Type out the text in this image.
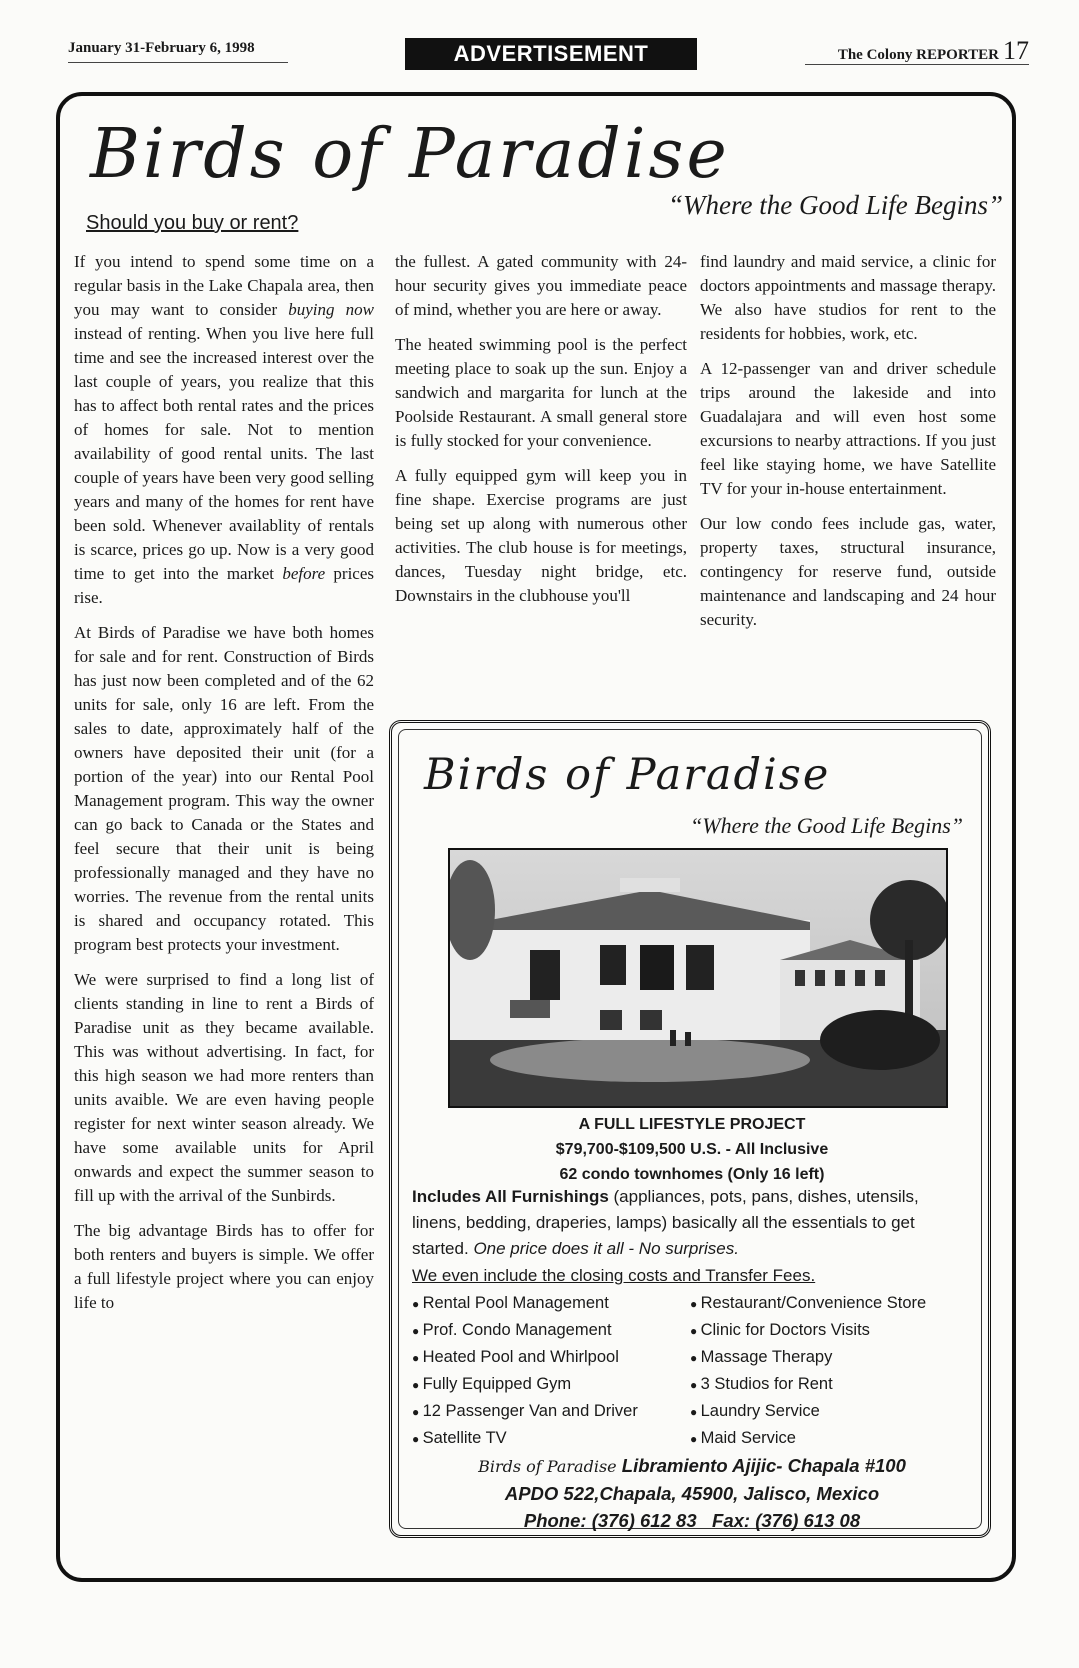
January 31-February 6, 1998	ADVERTISEMENT	The Colony REPORTER 17
Birds of Paradise
“Where the Good Life Begins”
Should you buy or rent?

If you intend to spend some time on a regular basis in the Lake Chapala area, then you may want to consider buying now instead of renting. When you live here full time and see the increased interest over the last couple of years, you realize that this has to affect both rental rates and the prices of homes for sale. Not to mention availability of good rental units. The last couple of years have been very good selling years and many of the homes for rent have been sold. Whenever availablity of rentals is scarce, prices go up. Now is a very good time to get into the market before prices rise.

At Birds of Paradise we have both homes for sale and for rent. Construction of Birds has just now been completed and of the 62 units for sale, only 16 are left. From the sales to date, approximately half of the owners have deposited their unit (for a portion of the year) into our Rental Pool Management program. This way the owner can go back to Canada or the States and feel secure that their unit is being professionally managed and they have no worries. The revenue from the rental units is shared and occupancy rotated. This program best protects your investment.

We were surprised to find a long list of clients standing in line to rent a Birds of Paradise unit as they became available. This was without advertising. In fact, for this high season we had more renters than units avaible. We are even having people register for next winter season already. We have some available units for April onwards and expect the summer season to fill up with the arrival of the Sunbirds.

The big advantage Birds has to offer for both renters and buyers is simple. We offer a full lifestyle project where you can enjoy life to

the fullest. A gated community with 24-hour security gives you immediate peace of mind, whether you are here or away.

The heated swimming pool is the perfect meeting place to soak up the sun. Enjoy a sandwich and margarita for lunch at the Poolside Restaurant. A small general store is fully stocked for your convenience.

A fully equipped gym will keep you in fine shape. Exercise programs are just being set up along with numerous other activities. The club house is for meetings, dances, Tuesday night bridge, etc. Downstairs in the clubhouse you'll

find laundry and maid service, a clinic for doctors appointments and massage therapy. We also have studios for rent to the residents for hobbies, work, etc.

A 12-passenger van and driver schedule trips around the lakeside and into Guadalajara and will even host some excursions to nearby attractions. If you just feel like staying home, we have Satellite TV for your in-house entertainment.

Our low condo fees include gas, water, property taxes, structural insurance, contingency for reserve fund, outside maintenance and landscaping and 24 hour security.

Birds of Paradise
“Where the Good Life Begins”
A FULL LIFESTYLE PROJECT
$79,700-$109,500 U.S. - All Inclusive
62 condo townhomes (Only 16 left)
Includes All Furnishings (appliances, pots, pans, dishes, utensils, linens, bedding, draperies, lamps) basically all the essentials to get started. One price does it all - No surprises.
We even include the closing costs and Transfer Fees.
● Rental Pool Management
● Prof. Condo Management
● Heated Pool and Whirlpool
● Fully Equipped Gym
● 12 Passenger Van and Driver
● Satellite TV
● Restaurant/Convenience Store
● Clinic for Doctors Visits
● Massage Therapy
● 3 Studios for Rent
● Laundry Service
● Maid Service
Birds of Paradise Libramiento Ajijic- Chapala #100
APDO 522,Chapala, 45900, Jalisco, Mexico
Phone: (376) 612 83   Fax: (376) 613 08
